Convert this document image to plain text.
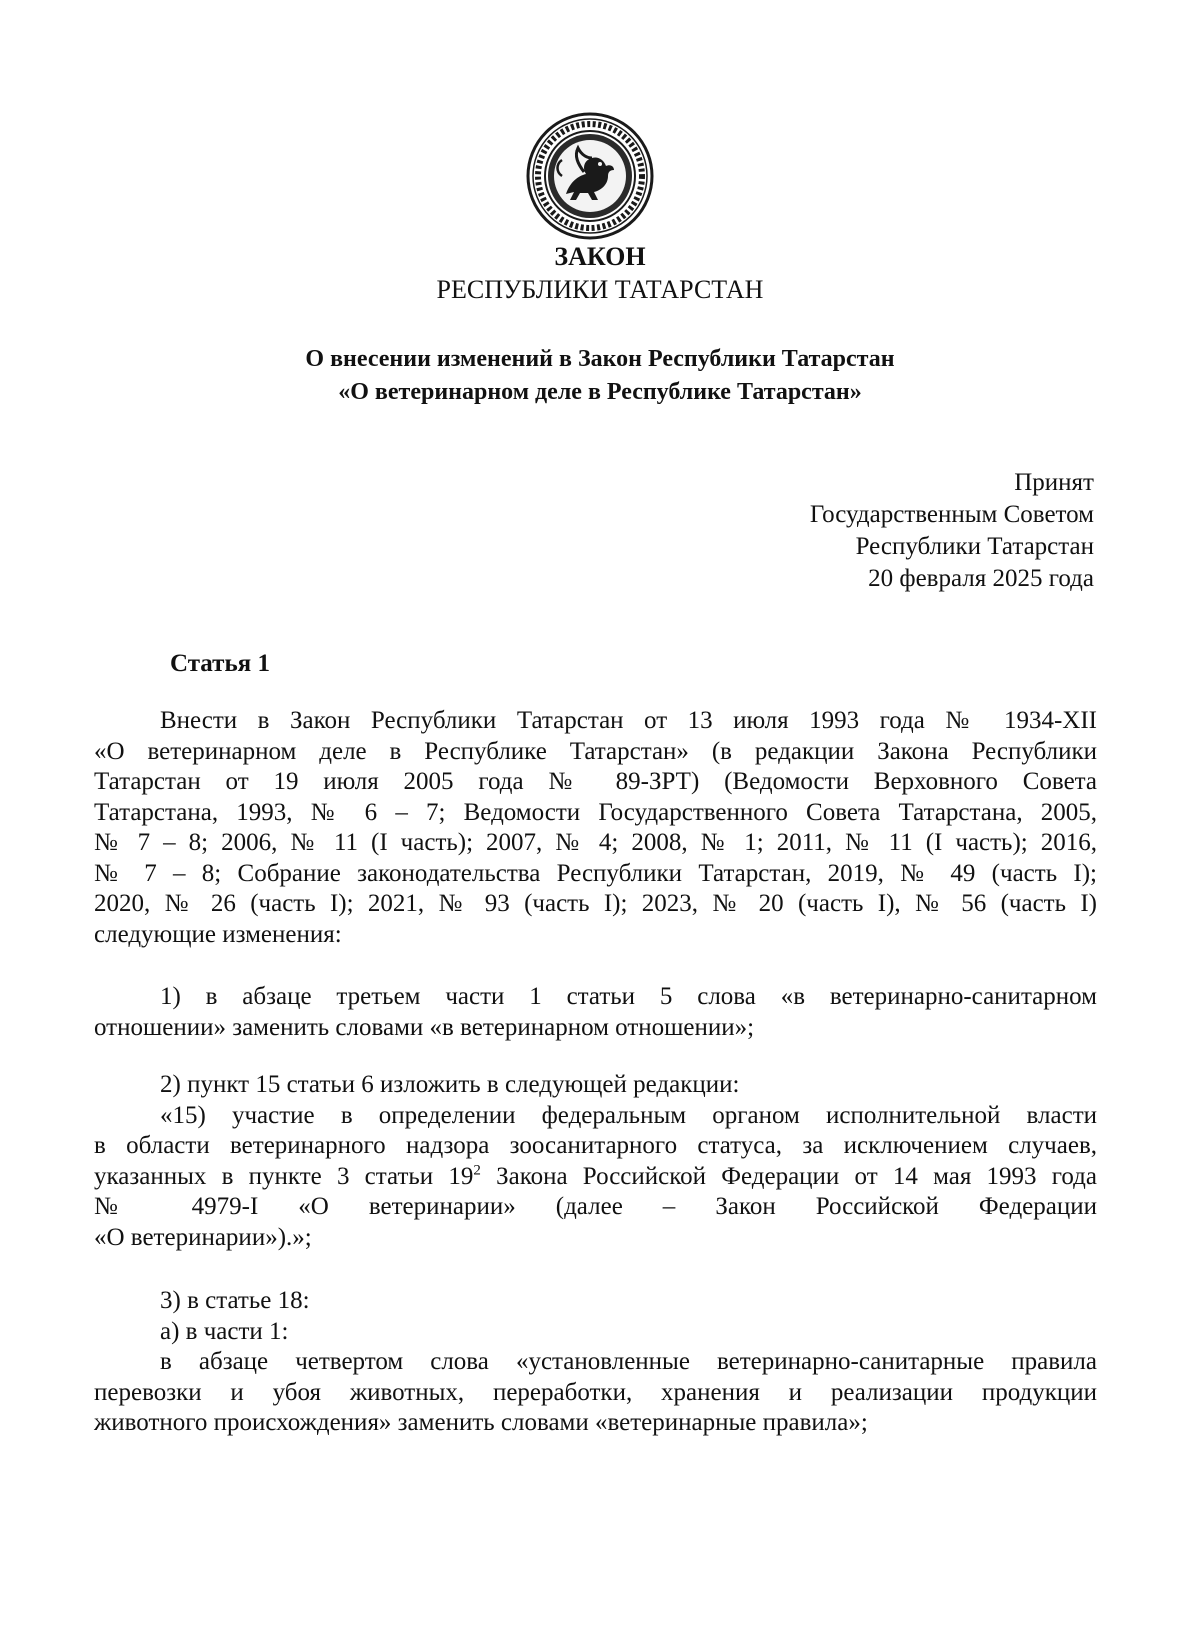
ЗАКОН
РЕСПУБЛИКИ ТАТАРСТАН
О внесении изменений в Закон Республики Татарстан
«О ветеринарном деле в Республике Татарстан»
Принят
Государственным Советом
Республики Татарстан
20 февраля 2025 года
Статья 1
Внести в Закон Республики Татарстан от 13 июля 1993 года № 1934-XII
«О ветеринарном деле в Республике Татарстан» (в редакции Закона Республики
Татарстан от 19 июля 2005 года № 89-ЗРТ) (Ведомости Верховного Совета
Татарстана, 1993, № 6 – 7; Ведомости Государственного Совета Татарстана, 2005,
№ 7 – 8; 2006, № 11 (I часть); 2007, № 4; 2008, № 1; 2011, № 11 (I часть); 2016,
№ 7 – 8; Собрание законодательства Республики Татарстан, 2019, № 49 (часть I);
2020, № 26 (часть I); 2021, № 93 (часть I); 2023, № 20 (часть I), № 56 (часть I)
следующие изменения:
1) в абзаце третьем части 1 статьи 5 слова «в ветеринарно-санитарном
отношении» заменить словами «в ветеринарном отношении»;
2) пункт 15 статьи 6 изложить в следующей редакции:
«15) участие в определении федеральным органом исполнительной власти
в области ветеринарного надзора зоосанитарного статуса, за исключением случаев,
указанных в пункте 3 статьи $19^2$ Закона Российской Федерации от 14 мая 1993 года
№ 4979-I «О ветеринарии» (далее – Закон Российской Федерации
«О ветеринарии»).»;
3) в статье 18:
а) в части 1:
в абзаце четвертом слова «установленные ветеринарно-санитарные правила
перевозки и убоя животных, переработки, хранения и реализации продукции
животного происхождения» заменить словами «ветеринарные правила»;
